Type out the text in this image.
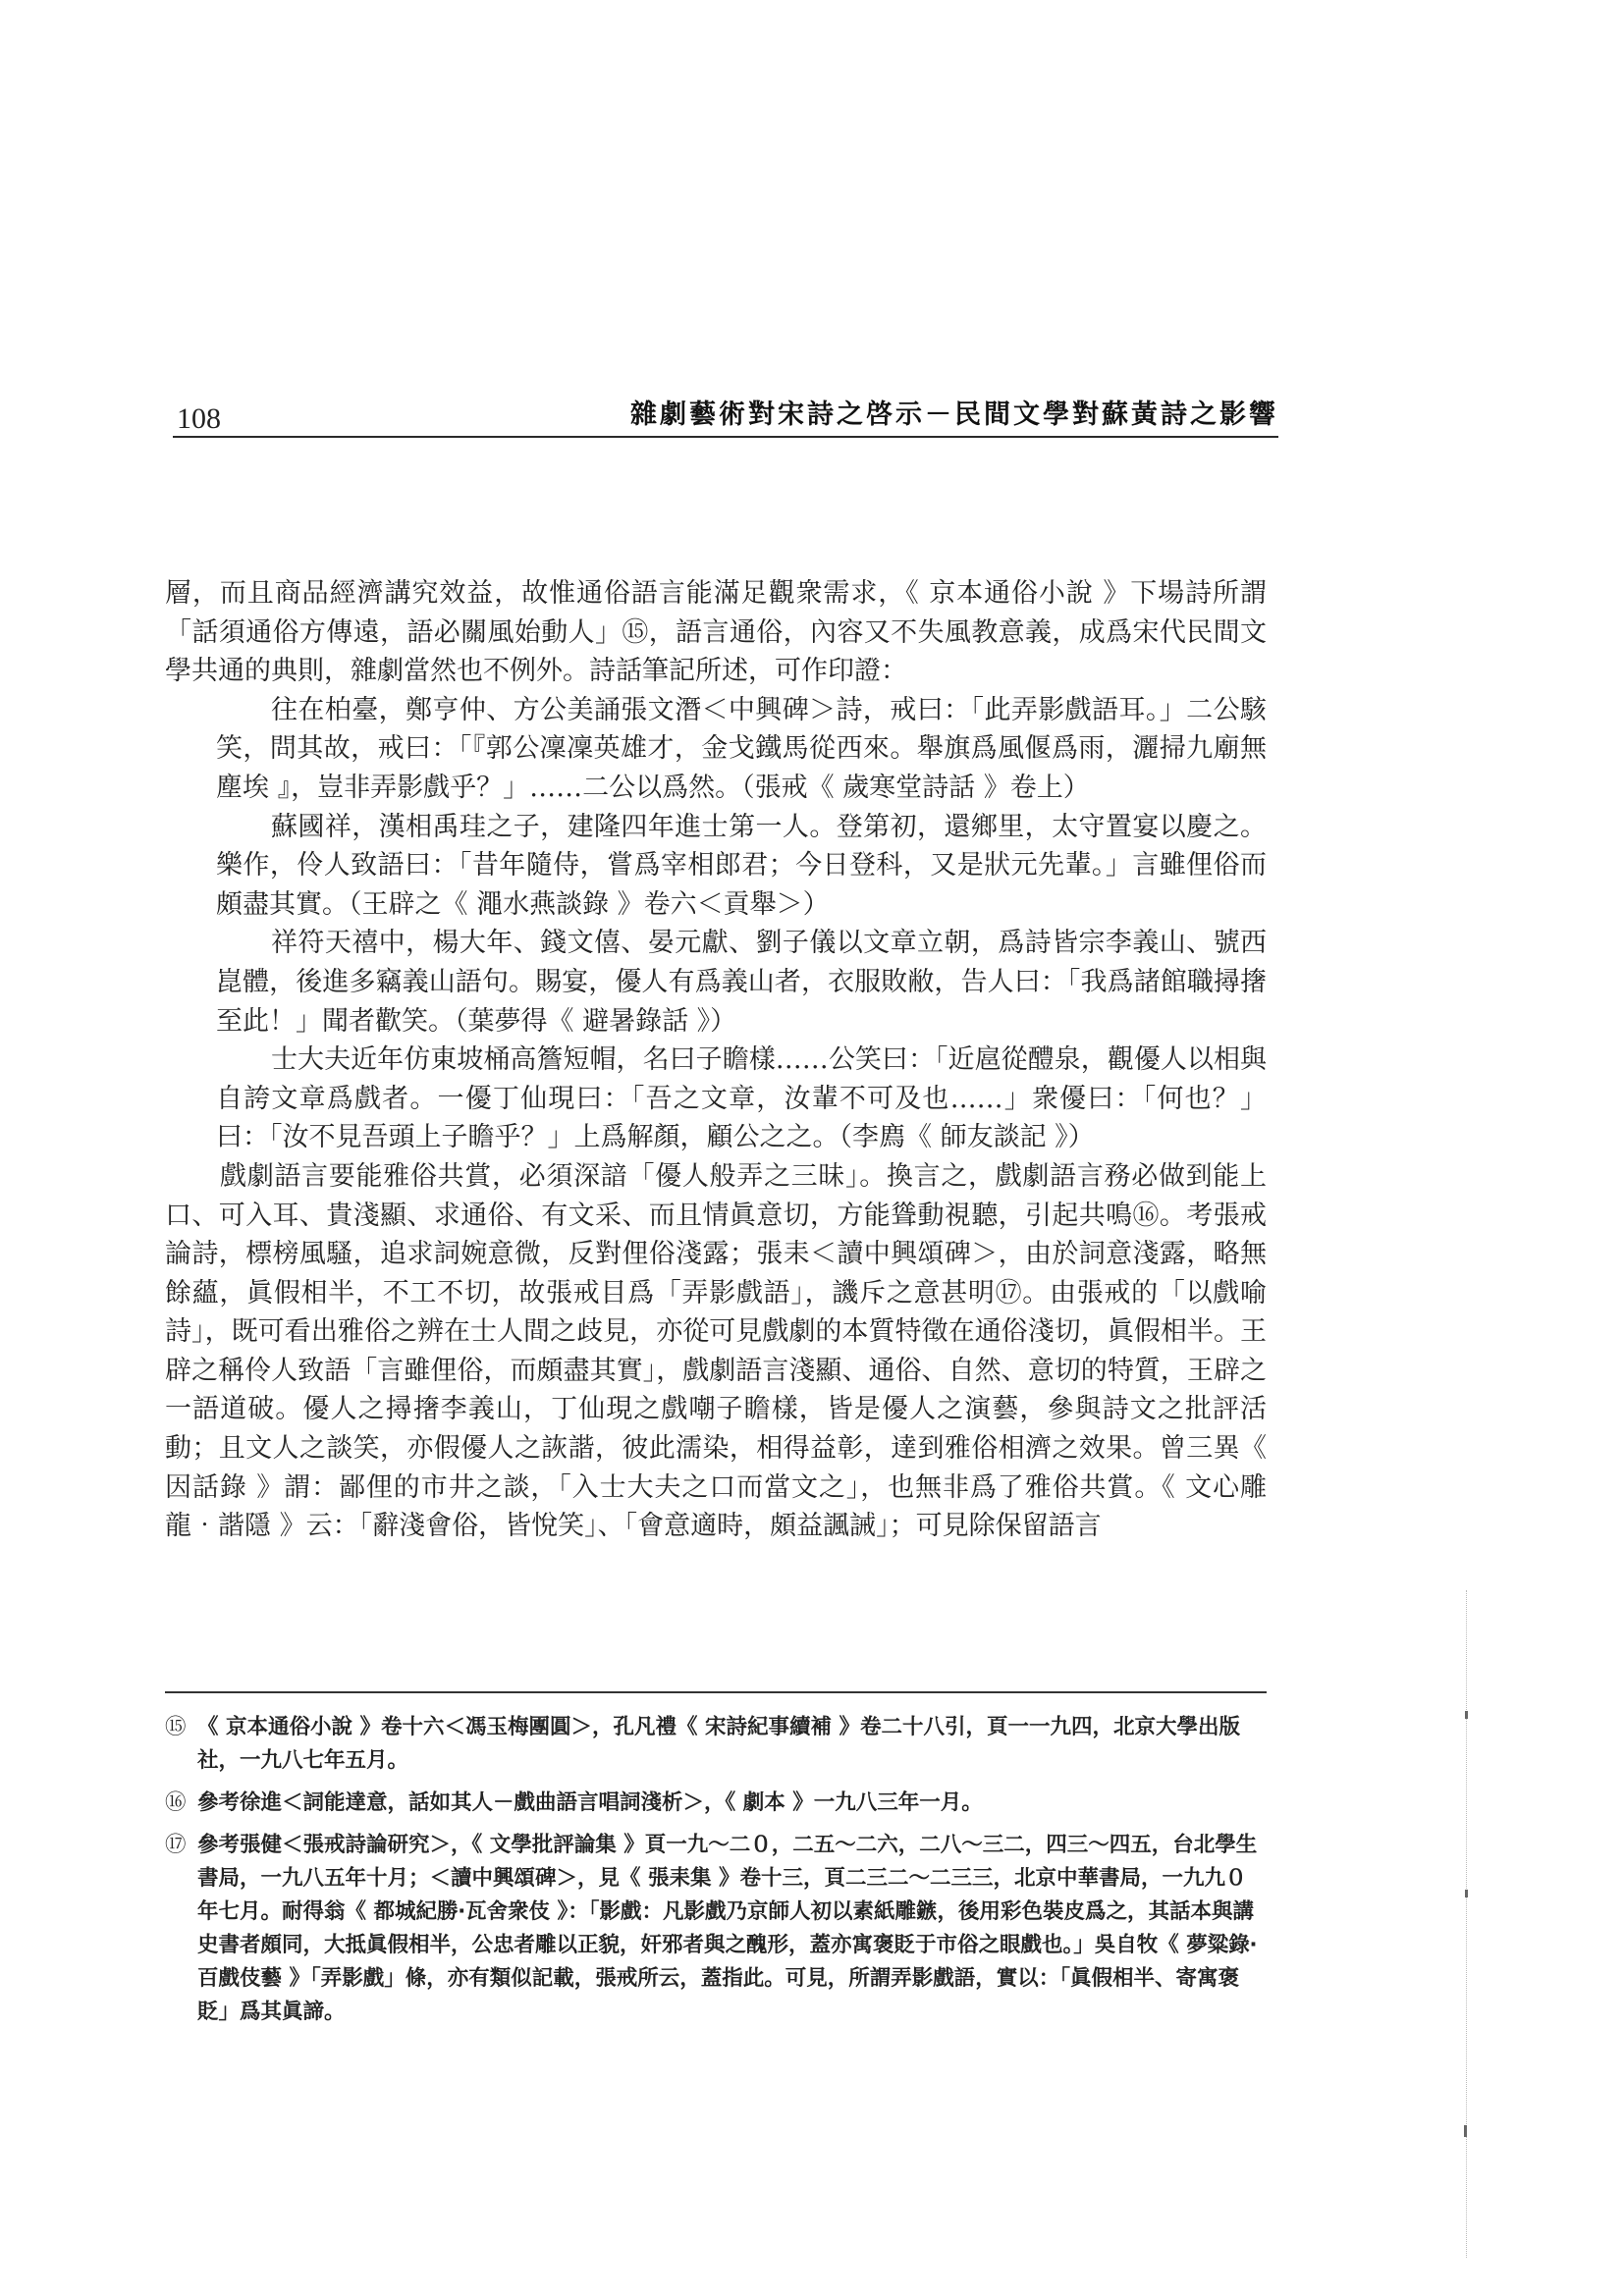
108	雜劇藝術對宋詩之啓示－民間文學對蘇黃詩之影響

層，而且商品經濟講究效益，故惟通俗語言能滿足觀衆需求，《 京本通俗小說 》下場詩所謂「話須通俗方傳遠，語必關風始動人」⑮，語言通俗，內容又不失風教意義，成爲宋代民間文學共通的典則，雜劇當然也不例外。詩話筆記所述，可作印證：

往在柏臺，鄭亨仲、方公美誦張文潛＜中興碑＞詩，戒曰：「此弄影戲語耳。」二公駭笑，問其故，戒曰：「『郭公凜凜英雄才，金戈鐵馬從西來。舉旗爲風偃爲雨，灑掃九廟無塵埃 』，豈非弄影戲乎？」……二公以爲然。（張戒《 歲寒堂詩話 》卷上）

蘇國祥，漢相禹珪之子，建隆四年進士第一人。登第初，還鄉里，太守置宴以慶之。樂作，伶人致語曰：「昔年隨侍，嘗爲宰相郎君；今日登科，又是狀元先輩。」言雖俚俗而頗盡其實。（王辟之《 澠水燕談錄 》卷六＜貢舉＞）

祥符天禧中，楊大年、錢文僖、晏元獻、劉子儀以文章立朝，爲詩皆宗李義山、號西崑體，後進多竊義山語句。賜宴，優人有爲義山者，衣服敗敝，告人曰：「我爲諸館職撏撦至此！」聞者歡笑。（葉夢得《 避暑錄話 》）

士大夫近年仿東坡桶高簷短帽，名曰子瞻樣……公笑曰：「近扈從醴泉，觀優人以相與自誇文章爲戲者。一優丁仙現曰：「吾之文章，汝輩不可及也……」衆優曰：「何也？」曰：「汝不見吾頭上子瞻乎？」上爲解顏，顧公之之。（李廌《 師友談記 》）

戲劇語言要能雅俗共賞，必須深諳「優人般弄之三昧」。換言之，戲劇語言務必做到能上口、可入耳、貴淺顯、求通俗、有文采、而且情眞意切，方能聳動視聽，引起共鳴⑯。考張戒論詩，標榜風騷，追求詞婉意微，反對俚俗淺露；張耒＜讀中興頌碑＞，由於詞意淺露，略無餘蘊，眞假相半，不工不切，故張戒目爲「弄影戲語」，譏斥之意甚明⑰。由張戒的「以戲喻詩」，既可看出雅俗之辨在士人間之歧見，亦從可見戲劇的本質特徵在通俗淺切，眞假相半。王辟之稱伶人致語「言雖俚俗，而頗盡其實」，戲劇語言淺顯、通俗、自然、意切的特質，王辟之一語道破。優人之撏撦李義山，丁仙現之戲嘲子瞻樣，皆是優人之演藝，參與詩文之批評活動；且文人之談笑，亦假優人之詼諧，彼此濡染，相得益彰，達到雅俗相濟之效果。曾三異《 因話錄 》謂：鄙俚的市井之談，「入士大夫之口而當文之」，也無非爲了雅俗共賞。《 文心雕龍‧諧隱 》云：「辭淺會俗，皆悅笑」、「會意適時，頗益諷誡」；可見除保留語言

⑮ 《 京本通俗小說 》卷十六＜馮玉梅團圓＞，孔凡禮《 宋詩紀事續補 》卷二十八引，頁一一九四，北京大學出版社，一九八七年五月。

⑯ 參考徐進＜詞能達意，話如其人－戲曲語言唱詞淺析＞，《 劇本 》一九八三年一月。

⑰ 參考張健＜張戒詩論研究＞，《 文學批評論集 》頁一九～二０，二五～二六，二八～三二，四三～四五，台北學生書局，一九八五年十月；＜讀中興頌碑＞，見《 張耒集 》卷十三，頁二三二～二三三，北京中華書局，一九九０年七月。耐得翁《 都城紀勝‧瓦舍衆伎 》：「影戲：凡影戲乃京師人初以素紙雕鏃，後用彩色裝皮爲之，其話本與講史書者頗同，大抵眞假相半，公忠者雕以正貌，奸邪者與之醜形，蓋亦寓褒貶于市俗之眼戲也。」吳自牧《 夢粱錄‧百戲伎藝 》「弄影戲」條，亦有類似記載，張戒所云，蓋指此。可見，所謂弄影戲語，實以：「眞假相半、寄寓褒貶」爲其眞諦。
